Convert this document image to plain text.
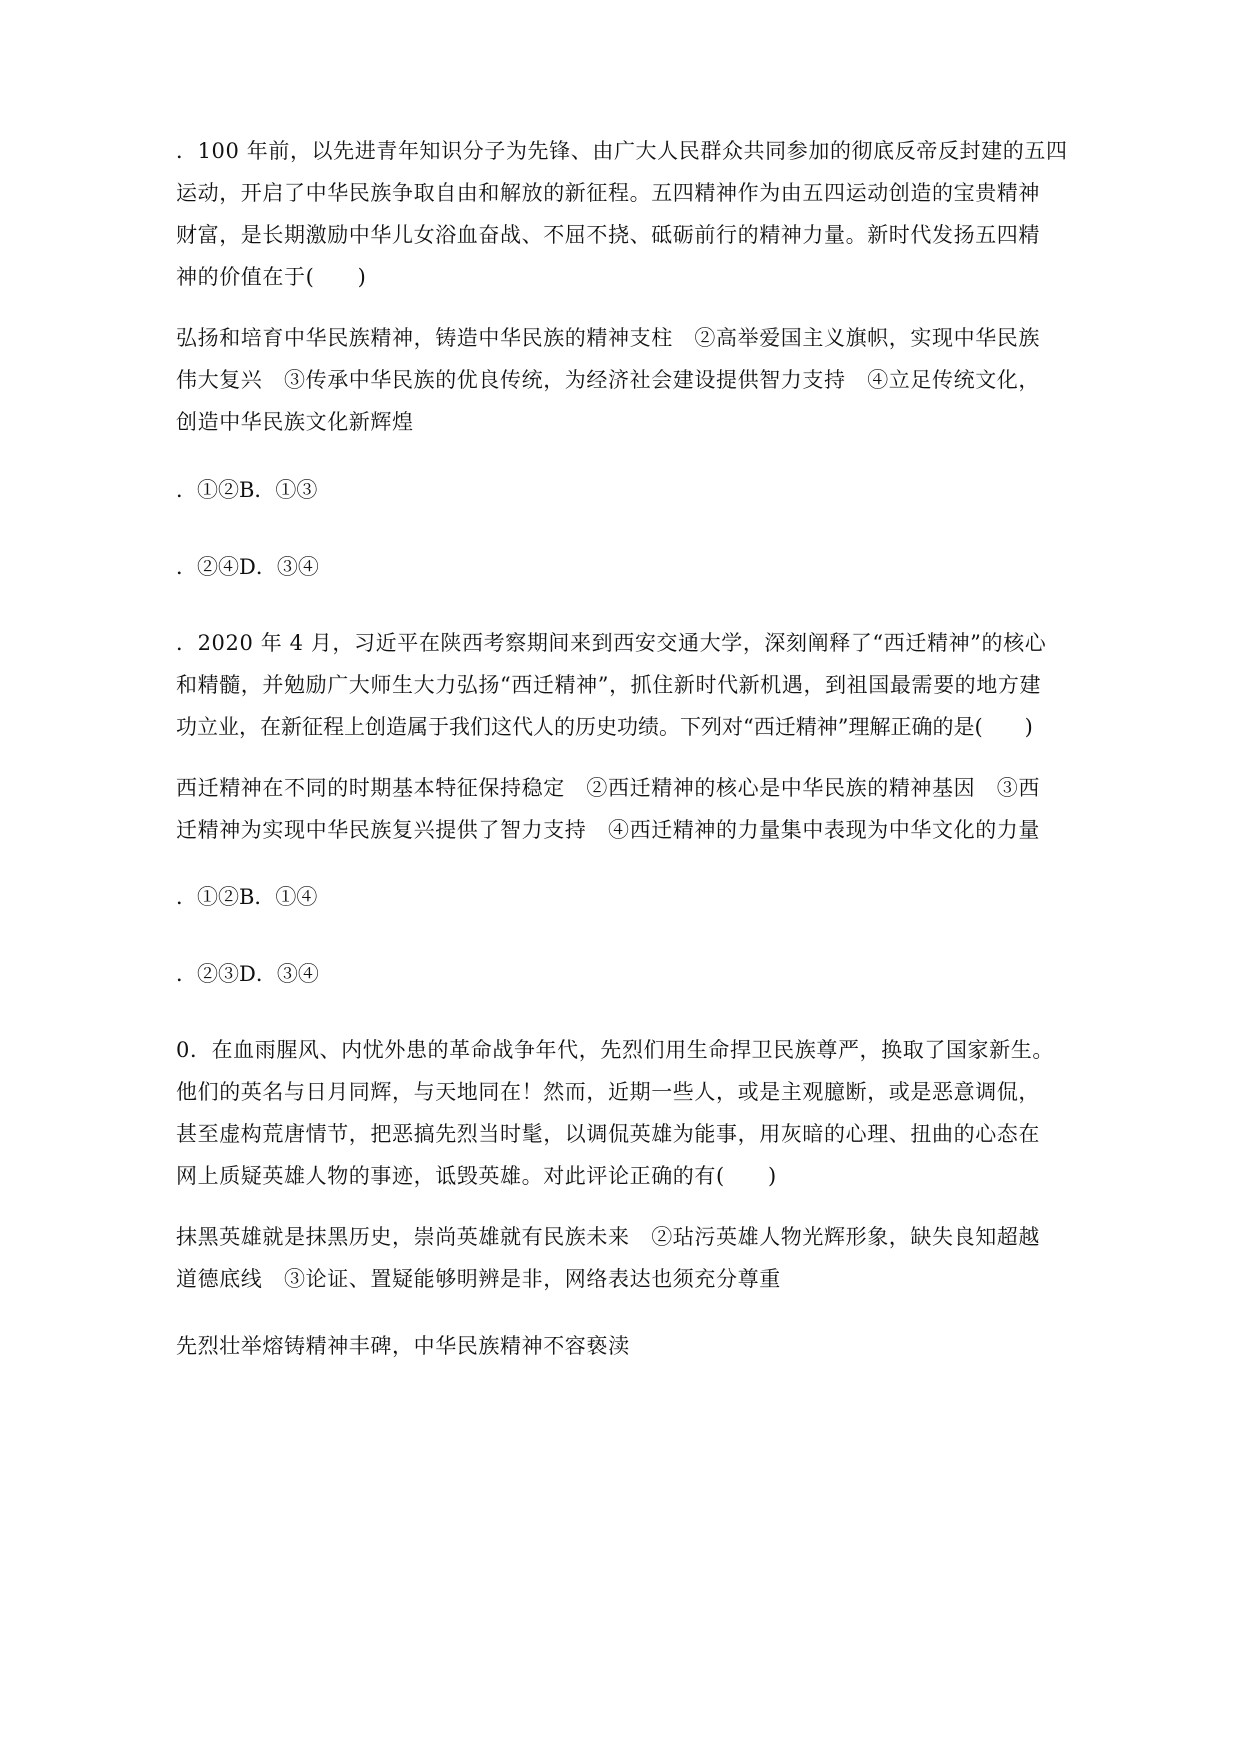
．100 年前，以先进青年知识分子为先锋、由广大人民群众共同参加的彻底反帝反封建的五四
运动，开启了中华民族争取自由和解放的新征程。五四精神作为由五四运动创造的宝贵精神
财富，是长期激励中华儿女浴血奋战、不屈不挠、砥砺前行的精神力量。新时代发扬五四精
神的价值在于(　　)
弘扬和培育中华民族精神，铸造中华民族的精神支柱　②高举爱国主义旗帜，实现中华民族
伟大复兴　③传承中华民族的优良传统，为经济社会建设提供智力支持　④立足传统文化，
创造中华民族文化新辉煌
．①②B．①③
．②④D．③④
．2020 年 4 月，习近平在陕西考察期间来到西安交通大学，深刻阐释了“西迁精神”的核心
和精髓，并勉励广大师生大力弘扬“西迁精神”，抓住新时代新机遇，到祖国最需要的地方建
功立业，在新征程上创造属于我们这代人的历史功绩。下列对“西迁精神”理解正确的是(　　)
西迁精神在不同的时期基本特征保持稳定　②西迁精神的核心是中华民族的精神基因　③西
迁精神为实现中华民族复兴提供了智力支持　④西迁精神的力量集中表现为中华文化的力量
．①②B．①④
．②③D．③④
0．在血雨腥风、内忧外患的革命战争年代，先烈们用生命捍卫民族尊严，换取了国家新生。
他们的英名与日月同辉，与天地同在！然而，近期一些人，或是主观臆断，或是恶意调侃，
甚至虚构荒唐情节，把恶搞先烈当时髦，以调侃英雄为能事，用灰暗的心理、扭曲的心态在
网上质疑英雄人物的事迹，诋毁英雄。对此评论正确的有(　　)
抹黑英雄就是抹黑历史，崇尚英雄就有民族未来　②玷污英雄人物光辉形象，缺失良知超越
道德底线　③论证、置疑能够明辨是非，网络表达也须充分尊重
先烈壮举熔铸精神丰碑，中华民族精神不容亵渎
